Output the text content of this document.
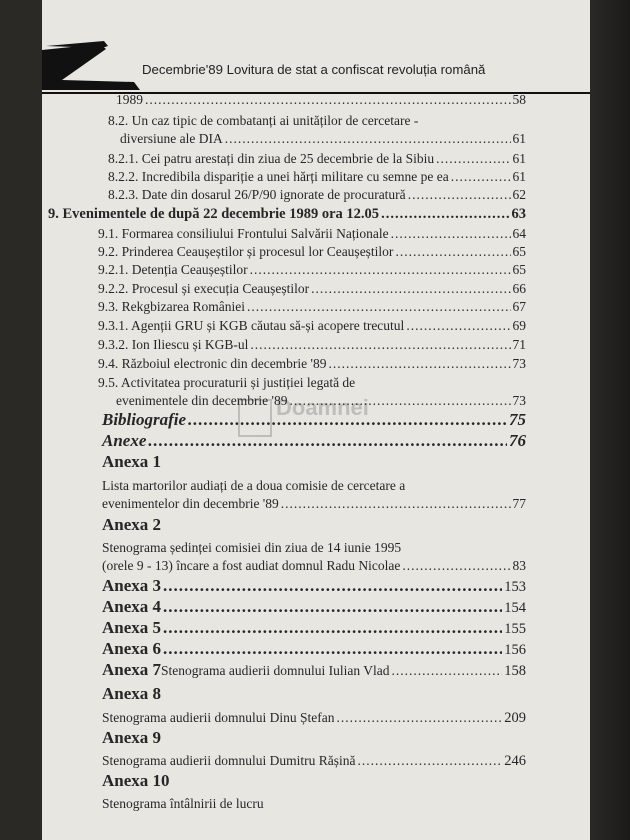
Decembrie'89 Lovitura de stat a confiscat revoluția română
Doamnei
1989 .....	58
8.2. Un caz tipic de combatanți ai unităților de cercetare -
diversiune ale DIA .....	61
8.2.1. Cei patru arestați din ziua de 25 decembrie de la Sibiu .....	61
8.2.2. Incredibila dispariție a unei hărți militare cu semne pe ea .....	61
8.2.3. Date din dosarul 26/P/90 ignorate de procuratură .....	62
9. Evenimentele de după 22 decembrie 1989 ora 12.05 .....	63
9.1. Formarea consiliului Frontului Salvării Naționale .....	64
9.2. Prinderea Ceaușeștilor și procesul lor Ceaușeștilor .....	65
9.2.1. Detenția Ceaușeștilor .....	65
9.2.2. Procesul și execuția Ceaușeștilor .....	66
9.3. Rekgbizarea României .....	67
9.3.1. Agenții GRU și KGB căutau să-și acopere trecutul .....	69
9.3.2. Ion Iliescu și KGB-ul .....	71
9.4. Războiul electronic din decembrie '89 .....	73
9.5. Activitatea procuraturii și justiției legată de
evenimentele din decembrie '89 .....	73
Bibliografie .....	75
Anexe .....	76
Anexa 1
Lista martorilor audiați de a doua comisie de cercetare a
evenimentelor din decembrie '89 .....	77
Anexa 2
Stenograma ședinței comisiei din ziua de 14 iunie 1995
(orele 9 - 13) încare a fost audiat domnul Radu Nicolae .....	83
Anexa 3 .....	153
Anexa 4 .....	154
Anexa 5 .....	155
Anexa 6 .....	156
Anexa 7 Stenograma audierii domnului Iulian Vlad .....	158
Anexa 8
Stenograma audierii domnului Dinu Ștefan .....	209
Anexa 9
Stenograma audierii domnului Dumitru Rășină .....	246
Anexa 10
Stenograma întâlnirii de lucru
